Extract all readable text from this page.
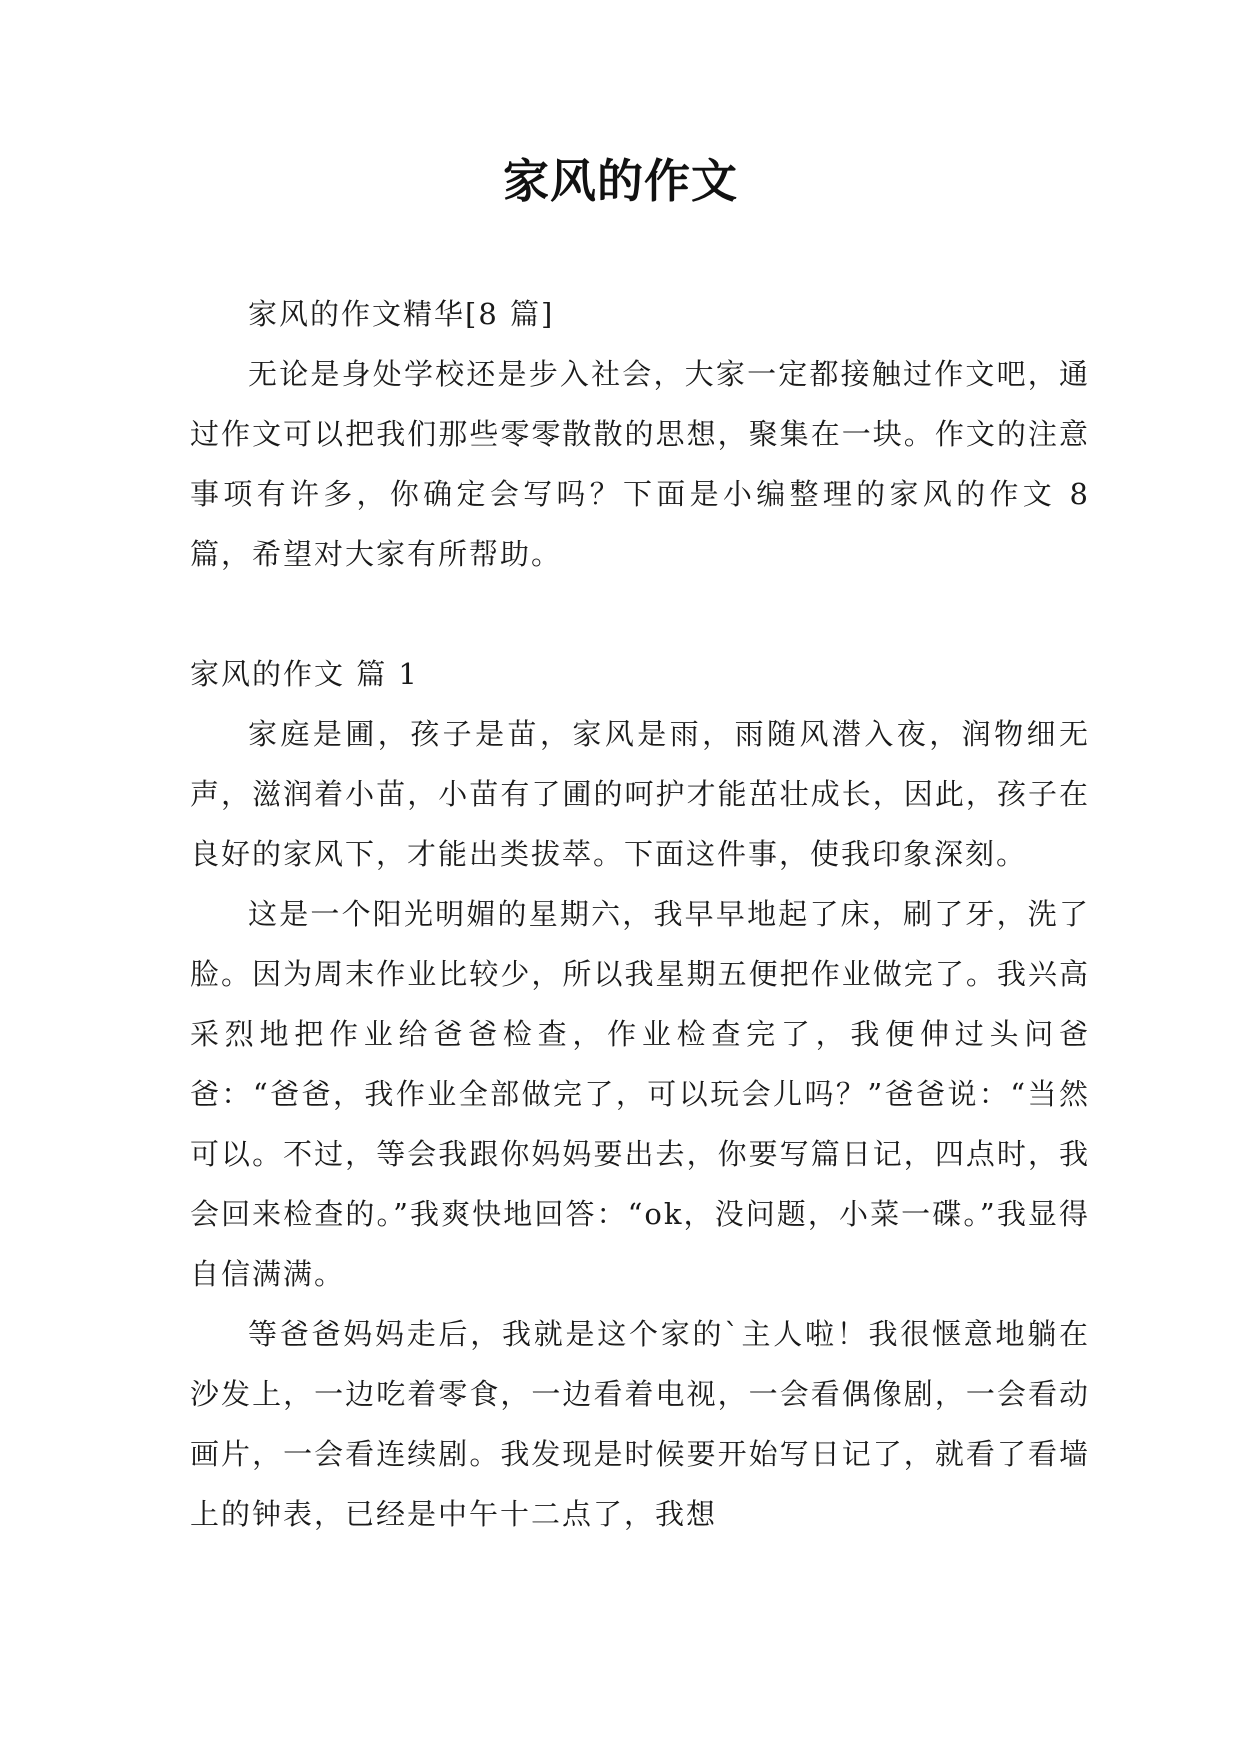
家风的作文

家风的作文精华[8 篇]

无论是身处学校还是步入社会，大家一定都接触过作文吧，通过作文可以把我们那些零零散散的思想，聚集在一块。作文的注意事项有许多，你确定会写吗？下面是小编整理的家风的作文 8 篇，希望对大家有所帮助。

家风的作文 篇 1

家庭是圃，孩子是苗，家风是雨，雨随风潜入夜，润物细无声，滋润着小苗，小苗有了圃的呵护才能茁壮成长，因此，孩子在良好的家风下，才能出类拔萃。下面这件事，使我印象深刻。

这是一个阳光明媚的星期六，我早早地起了床，刷了牙，洗了脸。因为周末作业比较少，所以我星期五便把作业做完了。我兴高采烈地把作业给爸爸检查，作业检查完了，我便伸过头问爸爸：“爸爸，我作业全部做完了，可以玩会儿吗？”爸爸说：“当然可以。不过，等会我跟你妈妈要出去，你要写篇日记，四点时，我会回来检查的。”我爽快地回答：“ok，没问题，小菜一碟。”我显得自信满满。

等爸爸妈妈走后，我就是这个家的`主人啦！我很惬意地躺在沙发上，一边吃着零食，一边看着电视，一会看偶像剧，一会看动画片，一会看连续剧。我发现是时候要开始写日记了，就看了看墙上的钟表，已经是中午十二点了，我想
